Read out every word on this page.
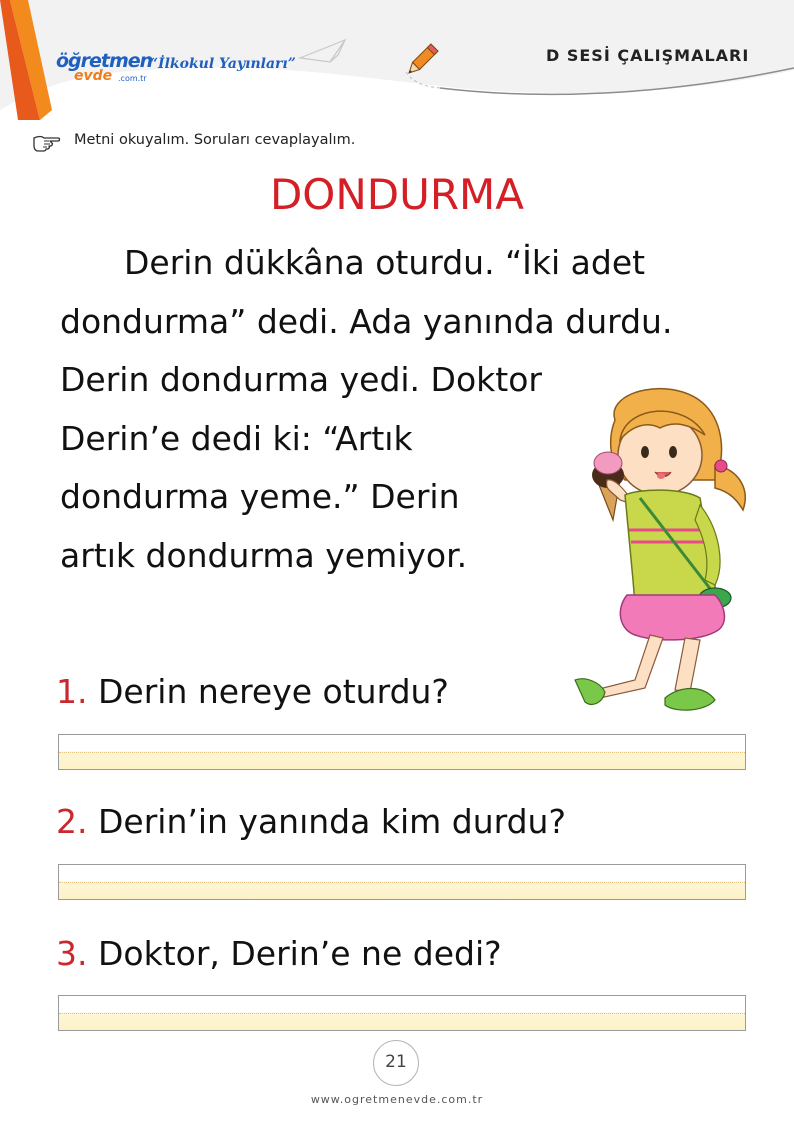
öğretmen
evde .com.tr
“İlkokul Yayınları”	D SESİ ÇALIŞMALARI
Metni okuyalım. Soruları cevaplayalım.
DONDURMA
Derin dükkâna oturdu. “İki adet
dondurma” dedi. Ada yanında durdu.
Derin dondurma yedi. Doktor
Derin’e dedi ki: “Artık
dondurma yeme.” Derin
artık dondurma yemiyor.
1. Derin nereye oturdu?
2. Derin’in yanında kim durdu?
3. Doktor, Derin’e ne dedi?
21
www.ogretmenevde.com.tr
